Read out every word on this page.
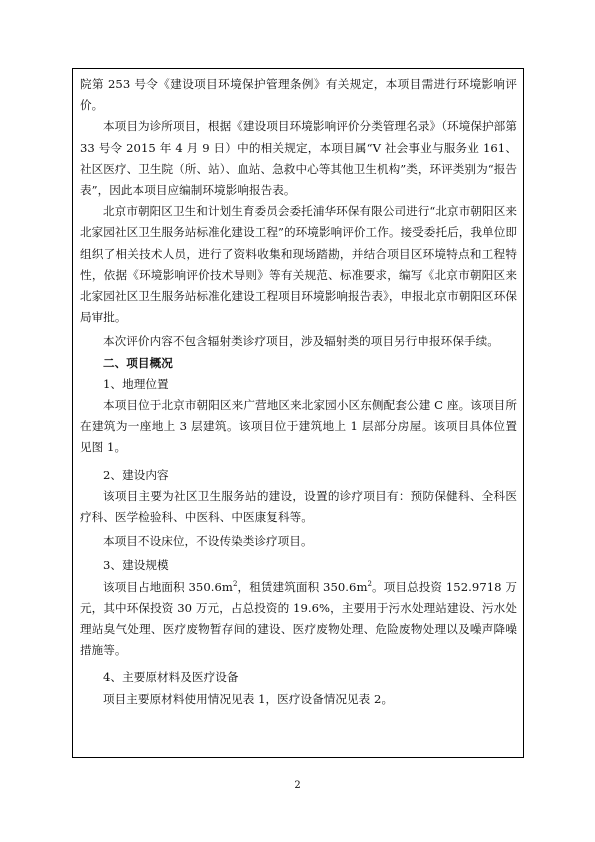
院第 253 号令《建设项目环境保护管理条例》有关规定，本项目需进行环境影响评价。

本项目为诊所项目，根据《建设项目环境影响评价分类管理名录》（环境保护部第 33 号令 2015 年 4 月 9 日）中的相关规定，本项目属“V 社会事业与服务业 161、社区医疗、卫生院（所、站）、血站、急救中心等其他卫生机构”类，环评类别为“报告表”，因此本项目应编制环境影响报告表。

北京市朝阳区卫生和计划生育委员会委托浦华环保有限公司进行“北京市朝阳区来北家园社区卫生服务站标准化建设工程”的环境影响评价工作。接受委托后，我单位即组织了相关技术人员，进行了资料收集和现场踏勘，并结合项目区环境特点和工程特性，依据《环境影响评价技术导则》等有关规范、标准要求，编写《北京市朝阳区来北家园社区卫生服务站标准化建设工程项目环境影响报告表》，申报北京市朝阳区环保局审批。

本次评价内容不包含辐射类诊疗项目，涉及辐射类的项目另行申报环保手续。

二、项目概况

1、地理位置

本项目位于北京市朝阳区来广营地区来北家园小区东侧配套公建 C 座。该项目所在建筑为一座地上 3 层建筑。该项目位于建筑地上 1 层部分房屋。该项目具体位置见图 1。

2、建设内容

该项目主要为社区卫生服务站的建设，设置的诊疗项目有：预防保健科、全科医疗科、医学检验科、中医科、中医康复科等。

本项目不设床位，不设传染类诊疗项目。

3、建设规模

该项目占地面积 $350.6m^2$，租赁建筑面积 $350.6m^2$。项目总投资 152.9718 万元，其中环保投资 30 万元，占总投资的 19.6%，主要用于污水处理站建设、污水处理站臭气处理、医疗废物暂存间的建设、医疗废物处理、危险废物处理以及噪声降噪措施等。

4、主要原材料及医疗设备

项目主要原材料使用情况见表 1，医疗设备情况见表 2。

2
